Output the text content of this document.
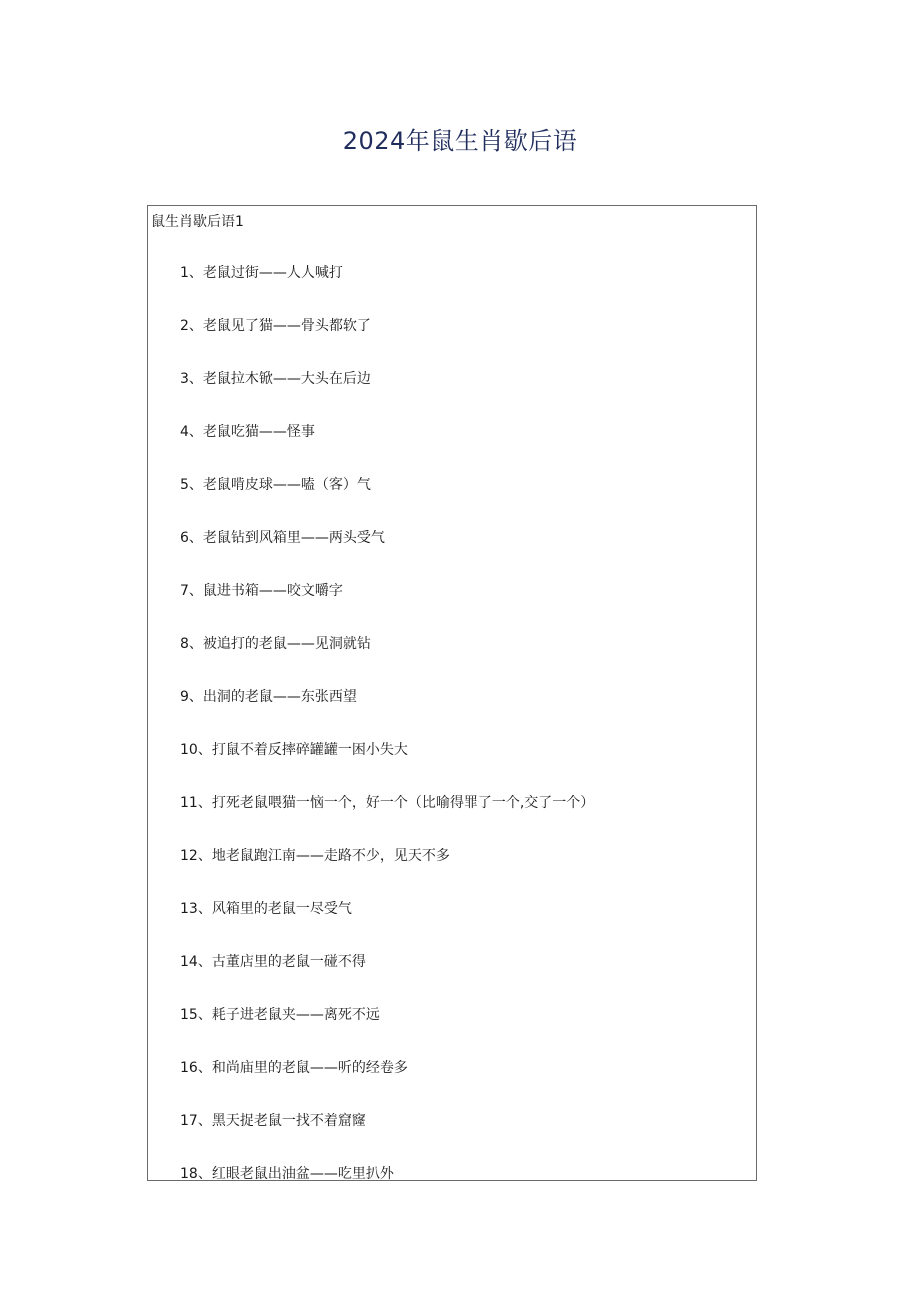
2024年鼠生肖歇后语
鼠生肖歇后语1
1、老鼠过街——人人喊打
2、老鼠见了猫——骨头都软了
3、老鼠拉木锨——大头在后边
4、老鼠吃猫——怪事
5、老鼠啃皮球——嗑（客）气
6、老鼠钻到风箱里——两头受气
7、鼠进书箱——咬文嚼字
8、被追打的老鼠——见洞就钻
9、出洞的老鼠——东张西望
10、打鼠不着反摔碎罐罐一困小失大
11、打死老鼠喂猫一恼一个，好一个（比喻得罪了一个,交了一个）
12、地老鼠跑江南——走路不少，见天不多
13、风箱里的老鼠一尽受气
14、古董店里的老鼠一碰不得
15、耗子进老鼠夹——离死不远
16、和尚庙里的老鼠——听的经卷多
17、黑天捉老鼠一找不着窟窿
18、红眼老鼠出油盆——吃里扒外
